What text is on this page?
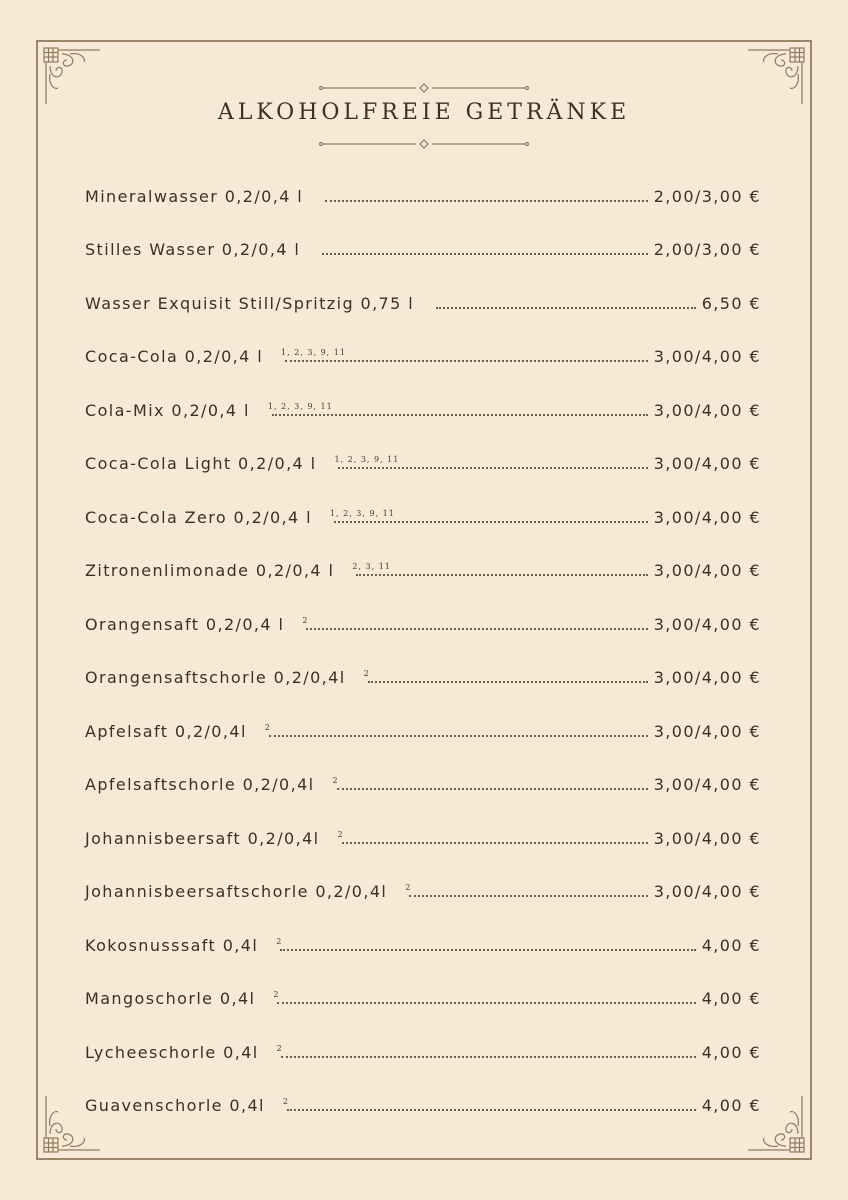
ALKOHOLFREIE GETRÄNKE
Mineralwasser 0,2/0,4 l	2,00/3,00 €
Stilles Wasser 0,2/0,4 l	2,00/3,00 €
Wasser Exquisit Still/Spritzig 0,75 l	6,50 €
Coca-Cola 0,2/0,4 l 1, 2, 3, 9, 11	3,00/4,00 €
Cola-Mix 0,2/0,4 l 1, 2, 3, 9, 11	3,00/4,00 €
Coca-Cola Light 0,2/0,4 l 1, 2, 3, 9, 11	3,00/4,00 €
Coca-Cola Zero 0,2/0,4 l 1, 2, 3, 9, 11	3,00/4,00 €
Zitronenlimonade 0,2/0,4 l 2, 3, 11	3,00/4,00 €
Orangensaft 0,2/0,4 l 2	3,00/4,00 €
Orangensaftschorle 0,2/0,4l 2	3,00/4,00 €
Apfelsaft 0,2/0,4l 2	3,00/4,00 €
Apfelsaftschorle 0,2/0,4l 2	3,00/4,00 €
Johannisbeersaft 0,2/0,4l 2	3,00/4,00 €
Johannisbeersaftschorle 0,2/0,4l 2	3,00/4,00 €
Kokosnusssaft 0,4l 2	4,00 €
Mangoschorle 0,4l 2	4,00 €
Lycheeschorle 0,4l 2	4,00 €
Guavenschorle 0,4l 2	4,00 €
